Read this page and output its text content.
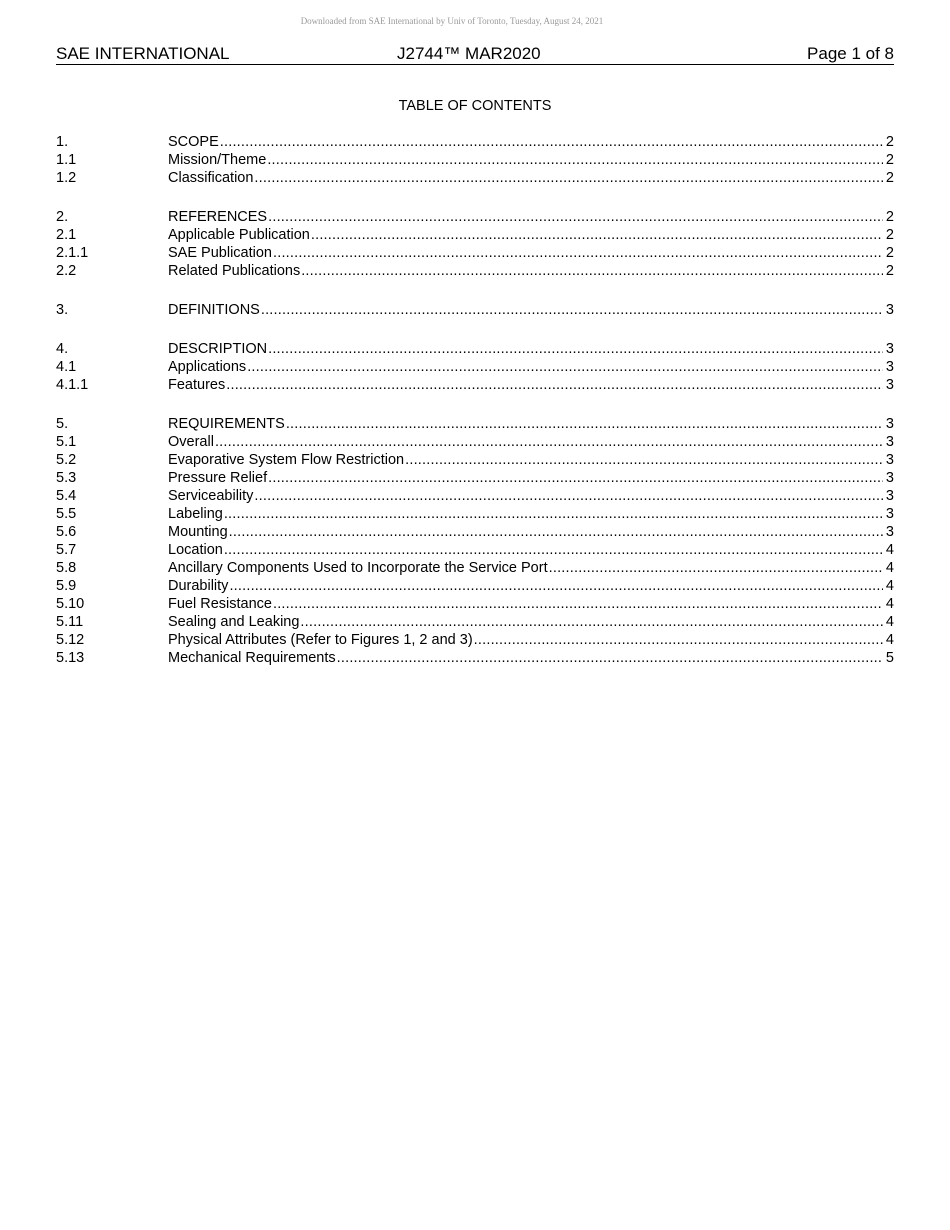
Downloaded from SAE International by Univ of Toronto, Tuesday, August 24, 2021
SAE INTERNATIONAL	J2744™ MAR2020	Page 1 of 8
TABLE OF CONTENTS
1.	SCOPE .....	2
1.1	Mission/Theme .....	2
1.2	Classification .....	2
2.	REFERENCES .....	2
2.1	Applicable Publication .....	2
2.1.1	SAE Publication .....	2
2.2	Related Publications .....	2
3.	DEFINITIONS .....	3
4.	DESCRIPTION .....	3
4.1	Applications .....	3
4.1.1	Features .....	3
5.	REQUIREMENTS .....	3
5.1	Overall .....	3
5.2	Evaporative System Flow Restriction .....	3
5.3	Pressure Relief .....	3
5.4	Serviceability .....	3
5.5	Labeling .....	3
5.6	Mounting .....	3
5.7	Location .....	4
5.8	Ancillary Components Used to Incorporate the Service Port .....	4
5.9	Durability .....	4
5.10	Fuel Resistance .....	4
5.11	Sealing and Leaking .....	4
5.12	Physical Attributes (Refer to Figures 1, 2 and 3) .....	4
5.13	Mechanical Requirements .....	5
